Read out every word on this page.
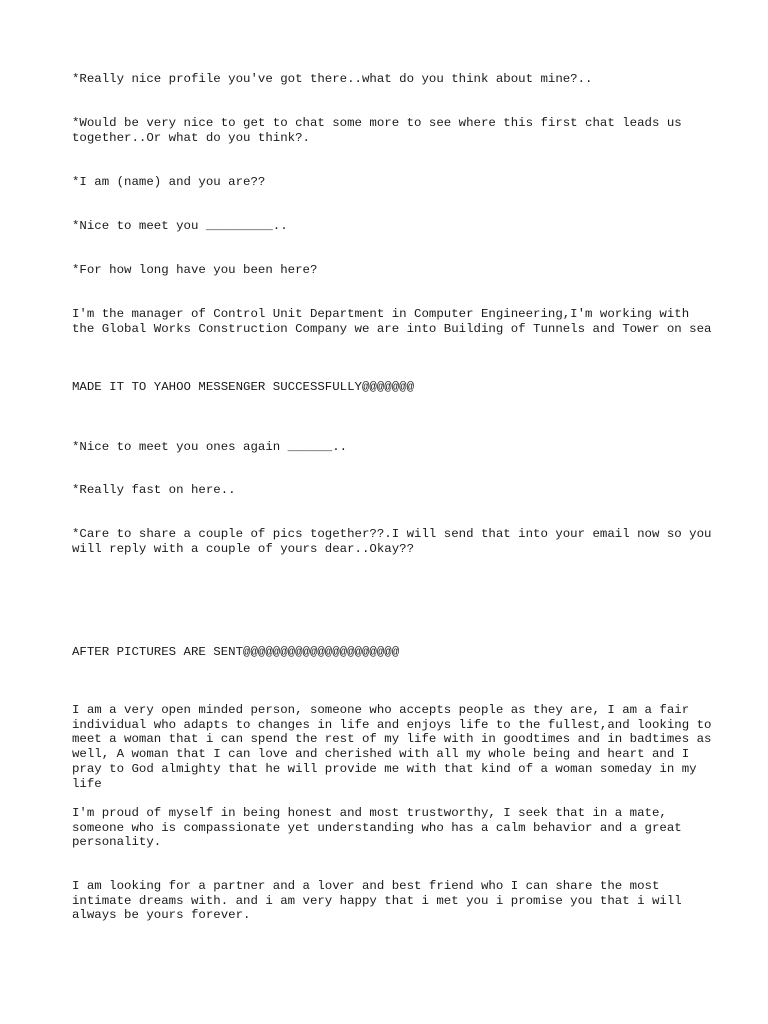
*Really nice profile you've got there..what do you think about mine?..

*Would be very nice to get to chat some more to see where this first chat leads us together..Or what do you think?.

*I am (name) and you are??

*Nice to meet you _________..

*For how long have you been here?

I'm the manager of Control Unit Department in Computer Engineering,I'm working with the Global Works Construction Company we are into Building of Tunnels and Tower on sea

MADE IT TO YAHOO MESSENGER SUCCESSFULLY@@@@@@@

*Nice to meet you ones again ______..

*Really fast on here..

*Care to share a couple of pics together??.I will send that into your email now so you will reply with a couple of yours dear..Okay??

AFTER PICTURES ARE SENT@@@@@@@@@@@@@@@@@@@@@

I am a very open minded person, someone who accepts people as they are, I am a fair individual who adapts to changes in life and enjoys life to the fullest,and looking to meet a woman that i can spend the rest of my life with in goodtimes and in badtimes as well, A woman that I can love and cherished with all my whole being and heart and I pray to God almighty that he will provide me with that kind of a woman someday in my life

I'm proud of myself in being honest and most trustworthy, I seek that in a mate, someone who is compassionate yet understanding who has a calm behavior and a great personality.

I am looking for a partner and a lover and best friend who I can share the most intimate dreams with. and i am very happy that i met you i promise you that i will always be yours forever.
